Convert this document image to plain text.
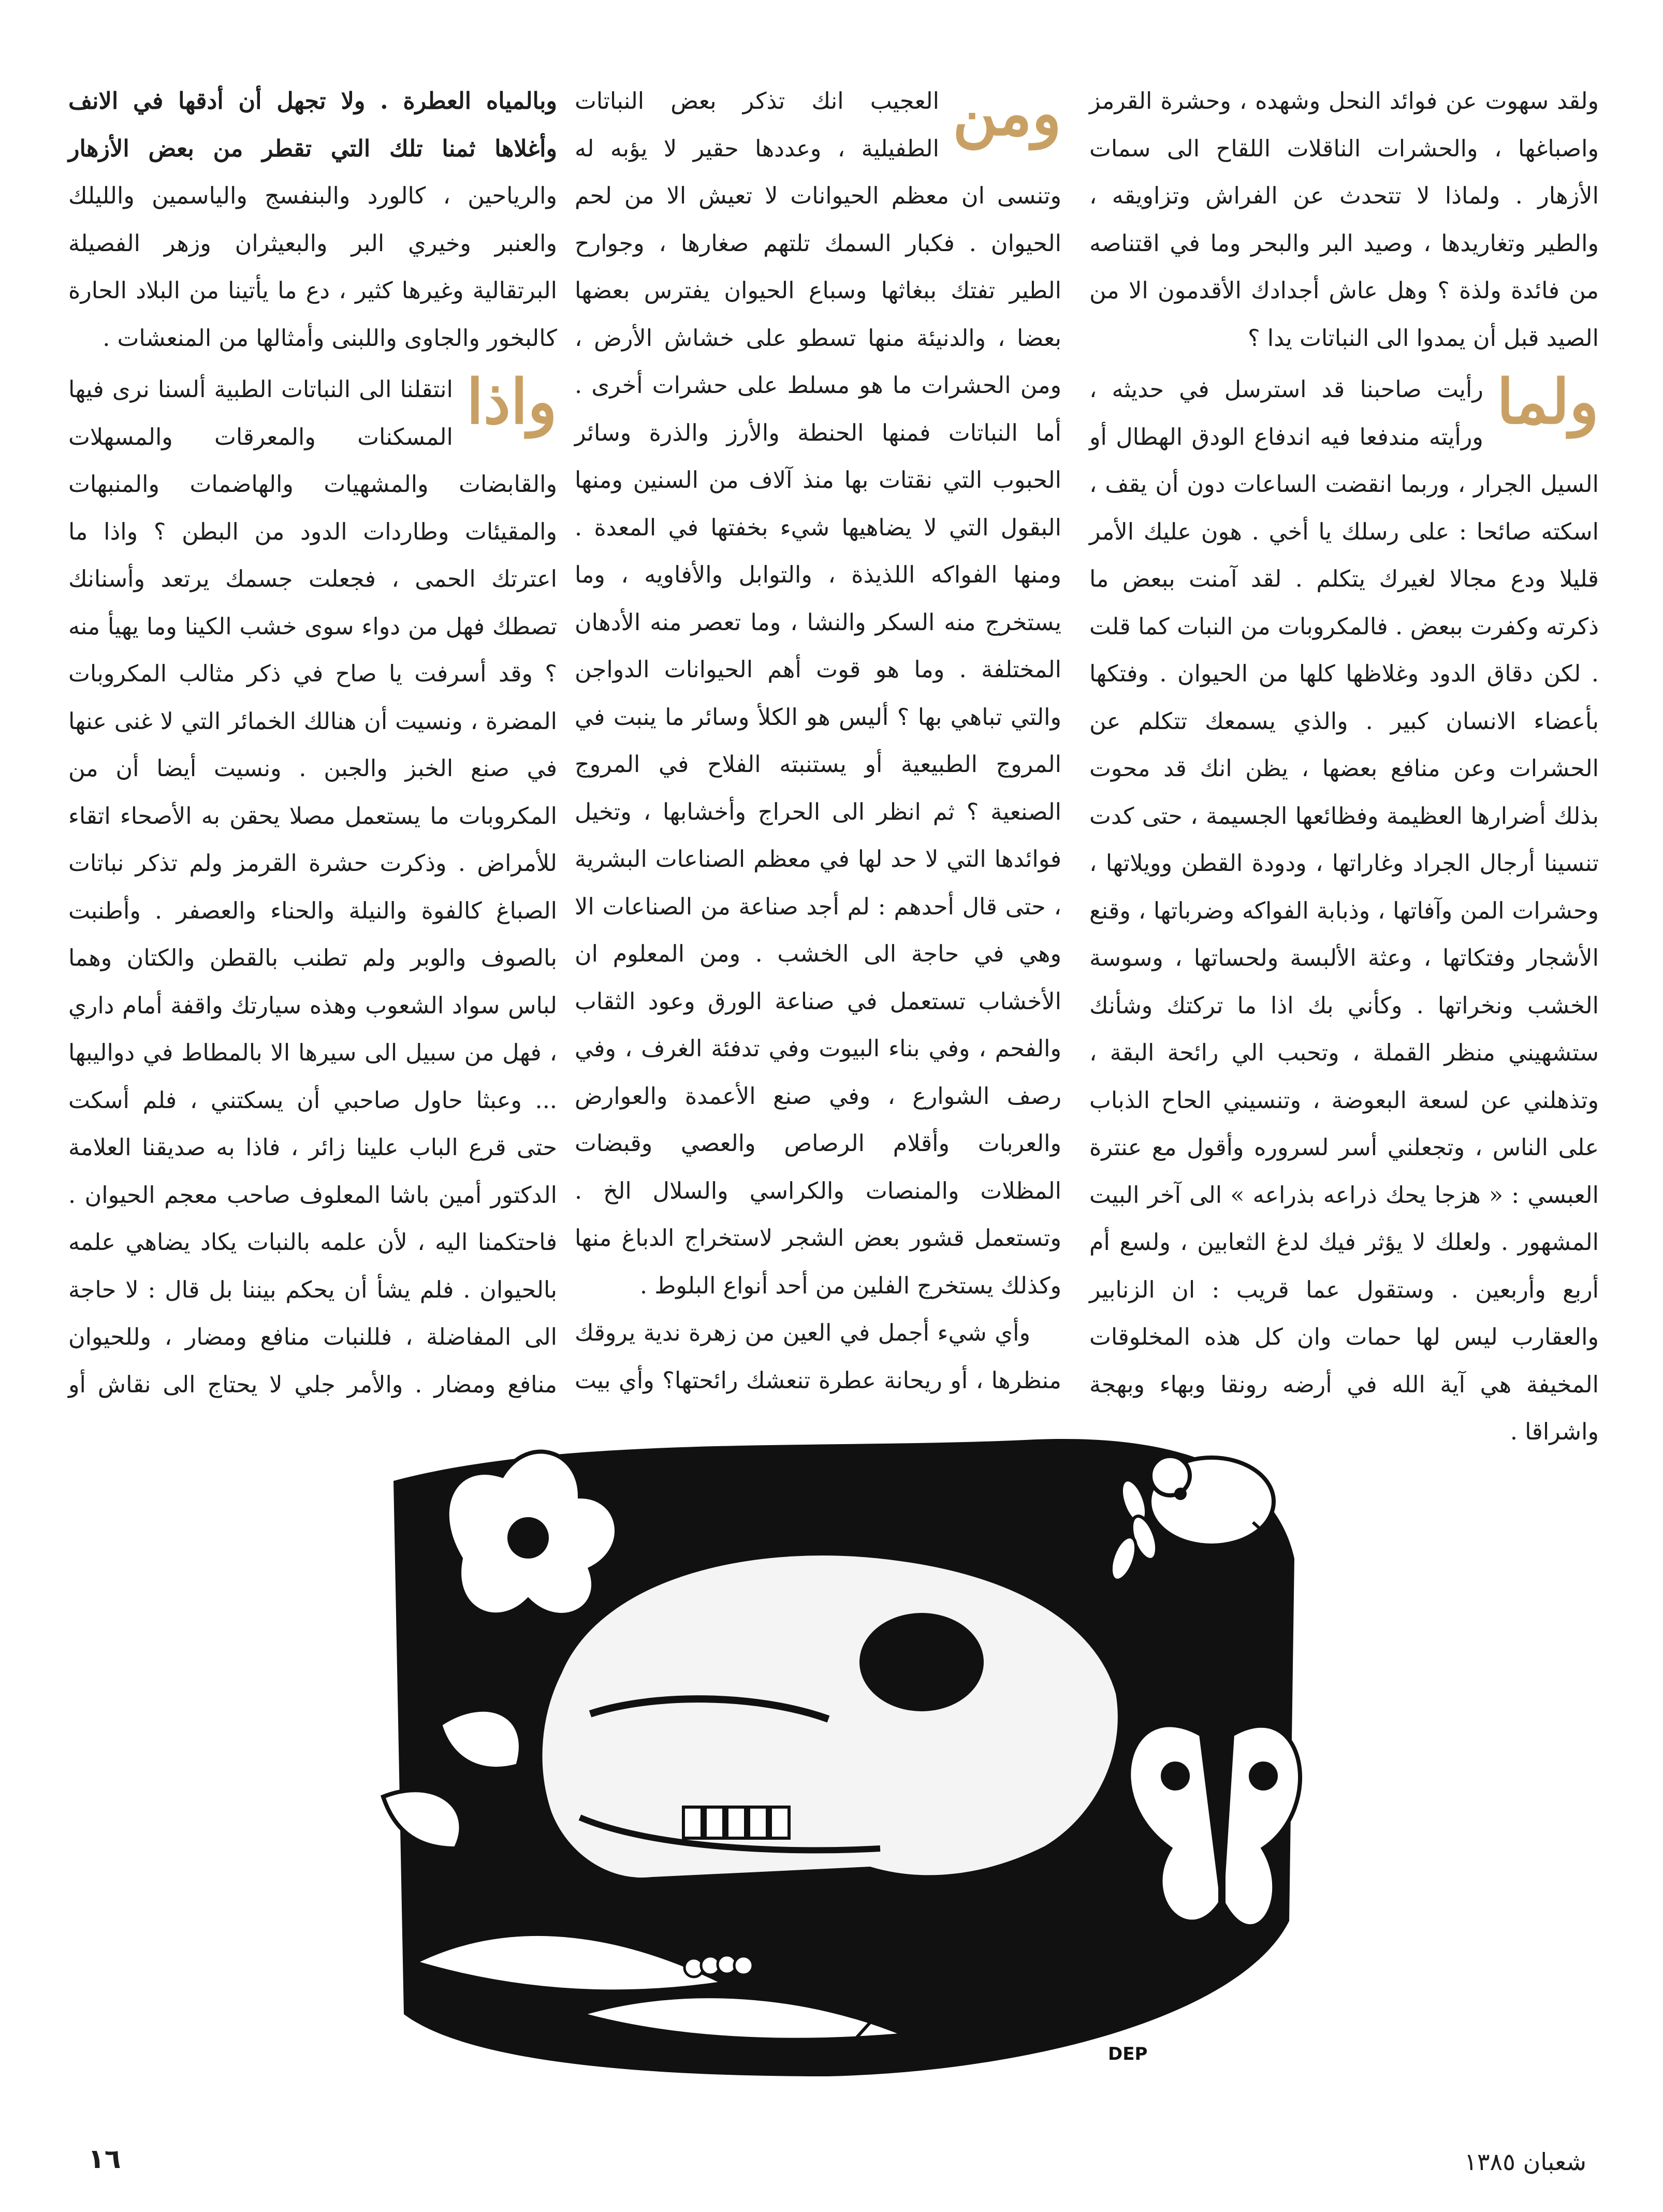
ولقد سهوت عن فوائد النحل وشهده ، وحشرة القرمز واصباغها ، والحشرات الناقلات اللقاح الى سمات الأزهار . ولماذا لا تتحدث عن الفراش وتزاويقه ، والطير وتغاريدها ، وصيد البر والبحر وما في اقتناصه من فائدة ولذة ؟ وهل عاش أجدادك الأقدمون الا من الصيد قبل أن يمدوا الى النباتات يدا ؟

ولما
رأيت صاحبنا قد استرسل في حديثه ، ورأيته مندفعا فيه اندفاع الودق الهطال أو السيل الجرار ، وربما انقضت الساعات دون أن يقف ، اسكته صائحا : على رسلك يا أخي . هون عليك الأمر قليلا ودع مجالا لغيرك يتكلم . لقد آمنت ببعض ما ذكرته وكفرت ببعض . فالمكروبات من النبات كما قلت . لكن دقاق الدود وغلاظها كلها من الحيوان . وفتكها بأعضاء الانسان كبير . والذي يسمعك تتكلم عن الحشرات وعن منافع بعضها ، يظن انك قد محوت بذلك أضرارها العظيمة وفظائعها الجسيمة ، حتى كدت تنسينا أرجال الجراد وغاراتها ، ودودة القطن وويلاتها ، وحشرات المن وآفاتها ، وذبابة الفواكه وضرباتها ، وقنع الأشجار وفتكاتها ، وعثة الألبسة ولحساتها ، وسوسة الخشب ونخراتها . وكأني بك اذا ما تركتك وشأنك ستشهيني منظر القملة ، وتحبب الي رائحة البقة ، وتذهلني عن لسعة البعوضة ، وتنسيني الحاح الذباب على الناس ، وتجعلني أسر لسروره وأقول مع عنترة العبسي : « هزجا يحك ذراعه بذراعه » الى آخر البيت المشهور . ولعلك لا يؤثر فيك لدغ الثعابين ، ولسع أم أربع وأربعين . وستقول عما قريب : ان الزنابير والعقارب ليس لها حمات وان كل هذه المخلوقات المخيفة هي آية الله في أرضه رونقا وبهاء وبهجة واشراقا .

ومن
العجيب انك تذكر بعض النباتات الطفيلية ، وعددها حقير لا يؤبه له وتنسى ان معظم الحيوانات لا تعيش الا من لحم الحيوان . فكبار السمك تلتهم صغارها ، وجوارح الطير تفتك ببغاثها وسباع الحيوان يفترس بعضها بعضا ، والدنيئة منها تسطو على خشاش الأرض ، ومن الحشرات ما هو مسلط على حشرات أخرى . أما النباتات فمنها الحنطة والأرز والذرة وسائر الحبوب التي نقتات بها منذ آلاف من السنين ومنها البقول التي لا يضاهيها شيء بخفتها في المعدة . ومنها الفواكه اللذيذة ، والتوابل والأفاويه ، وما يستخرج منه السكر والنشا ، وما تعصر منه الأدهان المختلفة . وما هو قوت أهم الحيوانات الدواجن والتي تباهي بها ؟ أليس هو الكلأ وسائر ما ينبت في المروج الطبيعية أو يستنبته الفلاح في المروج الصنعية ؟ ثم انظر الى الحراج وأخشابها ، وتخيل فوائدها التي لا حد لها في معظم الصناعات البشرية ، حتى قال أحدهم : لم أجد صناعة من الصناعات الا وهي في حاجة الى الخشب . ومن المعلوم ان الأخشاب تستعمل في صناعة الورق وعود الثقاب والفحم ، وفي بناء البيوت وفي تدفئة الغرف ، وفي رصف الشوارع ، وفي صنع الأعمدة والعوارض والعربات وأقلام الرصاص والعصي وقبضات المظلات والمنصات والكراسي والسلال الخ . وتستعمل قشور بعض الشجر لاستخراج الدباغ منها وكذلك يستخرج الفلين من أحد أنواع البلوط .

وأي شيء أجمل في العين من زهرة ندية يروقك منظرها ، أو ريحانة عطرة تنعشك رائحتها؟ وأي بيت

وبالمياه العطرة . ولا تجهل أن أدقها في الانف وأغلاها ثمنا تلك التي تقطر من بعض الأزهار والرياحين ، كالورد والبنفسج والياسمين والليلك والعنبر وخيري البر والبعيثران وزهر الفصيلة البرتقالية وغيرها كثير ، دع ما يأتينا من البلاد الحارة كالبخور والجاوى واللبنى وأمثالها من المنعشات .

واذا
انتقلنا الى النباتات الطبية ألسنا نرى فيها المسكنات والمعرقات والمسهلات والقابضات والمشهيات والهاضمات والمنبهات والمقيئات وطاردات الدود من البطن ؟ واذا ما اعترتك الحمى ، فجعلت جسمك يرتعد وأسنانك تصطك فهل من دواء سوى خشب الكينا وما يهيأ منه ؟ وقد أسرفت يا صاح في ذكر مثالب المكروبات المضرة ، ونسيت أن هنالك الخمائر التي لا غنى عنها في صنع الخبز والجبن . ونسيت أيضا أن من المكروبات ما يستعمل مصلا يحقن به الأصحاء اتقاء للأمراض . وذكرت حشرة القرمز ولم تذكر نباتات الصباغ كالفوة والنيلة والحناء والعصفر . وأطنبت بالصوف والوبر ولم تطنب بالقطن والكتان وهما لباس سواد الشعوب وهذه سيارتك واقفة أمام داري ، فهل من سبيل الى سيرها الا بالمطاط في دواليبها ... وعبثا حاول صاحبي أن يسكتني ، فلم أسكت حتى قرع الباب علينا زائر ، فاذا به صديقنا العلامة الدكتور أمين باشا المعلوف صاحب معجم الحيوان . فاحتكمنا اليه ، لأن علمه بالنبات يكاد يضاهي علمه بالحيوان . فلم يشأ أن يحكم بيننا بل قال : لا حاجة الى المفاضلة ، فللنبات منافع ومضار ، وللحيوان منافع ومضار . والأمر جلي لا يحتاج الى نقاش أو

DEP
١٦	شعبان ١٣٨٥
